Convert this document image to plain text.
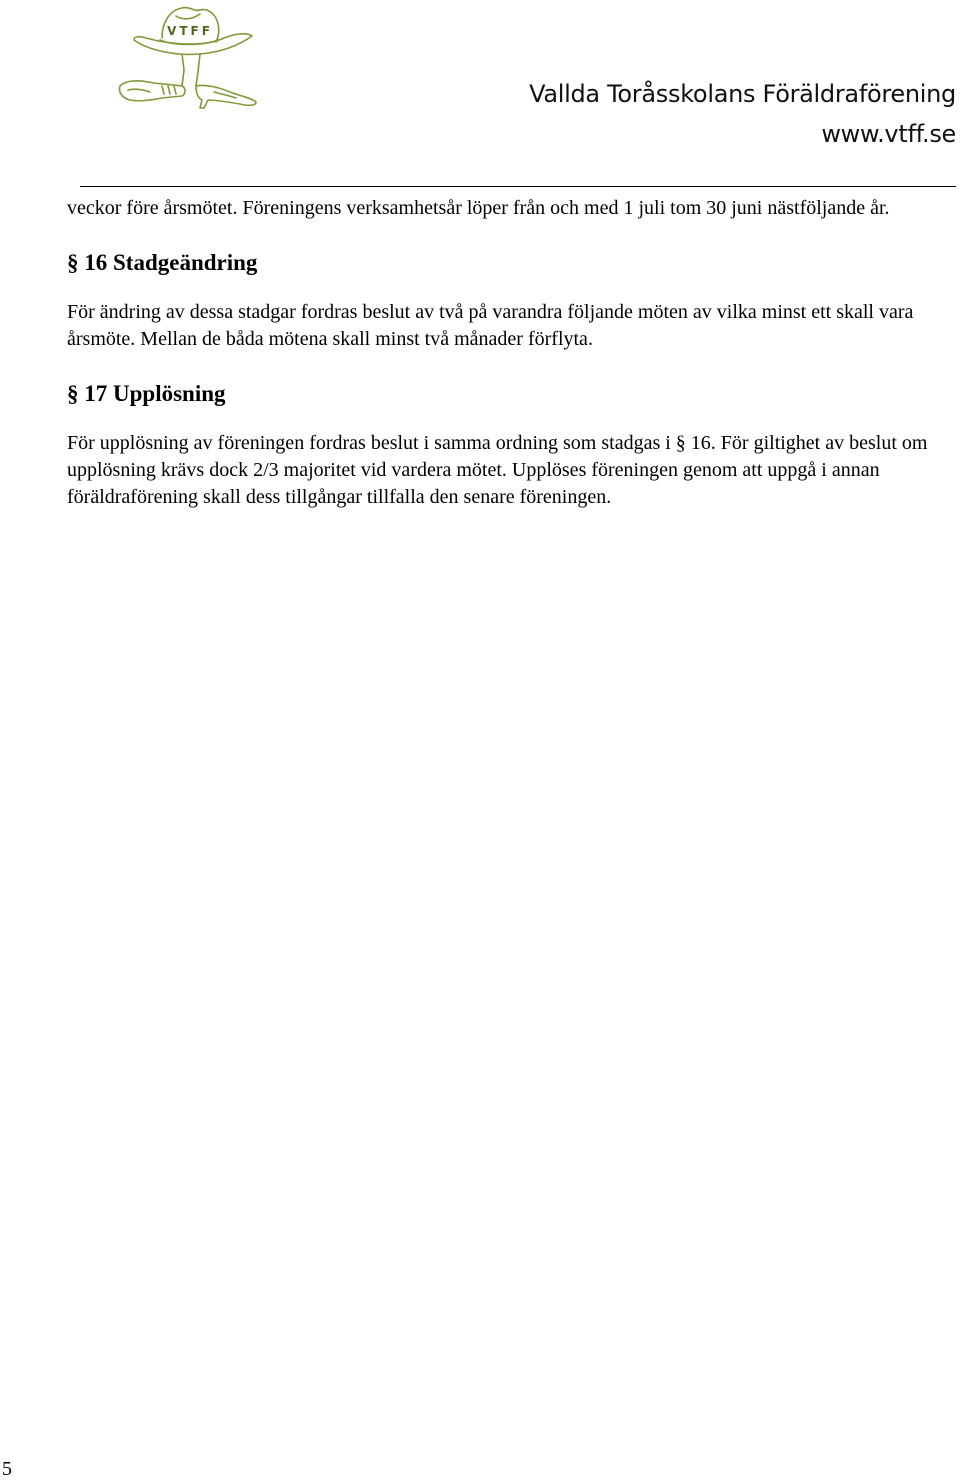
VTFF
Vallda Toråsskolans Föräldraförening
www.vtff.se

veckor före årsmötet. Föreningens verksamhetsår löper från och med 1 juli tom 30 juni nästföljande år.

§ 16 Stadgeändring

För ändring av dessa stadgar fordras beslut av två på varandra följande möten av vilka minst ett skall vara årsmöte. Mellan de båda mötena skall minst två månader förflyta.

§ 17 Upplösning

För upplösning av föreningen fordras beslut i samma ordning som stadgas i § 16. För giltighet av beslut om upplösning krävs dock 2/3 majoritet vid vardera mötet. Upplöses föreningen genom att uppgå i annan föräldraförening skall dess tillgångar tillfalla den senare föreningen.

5
